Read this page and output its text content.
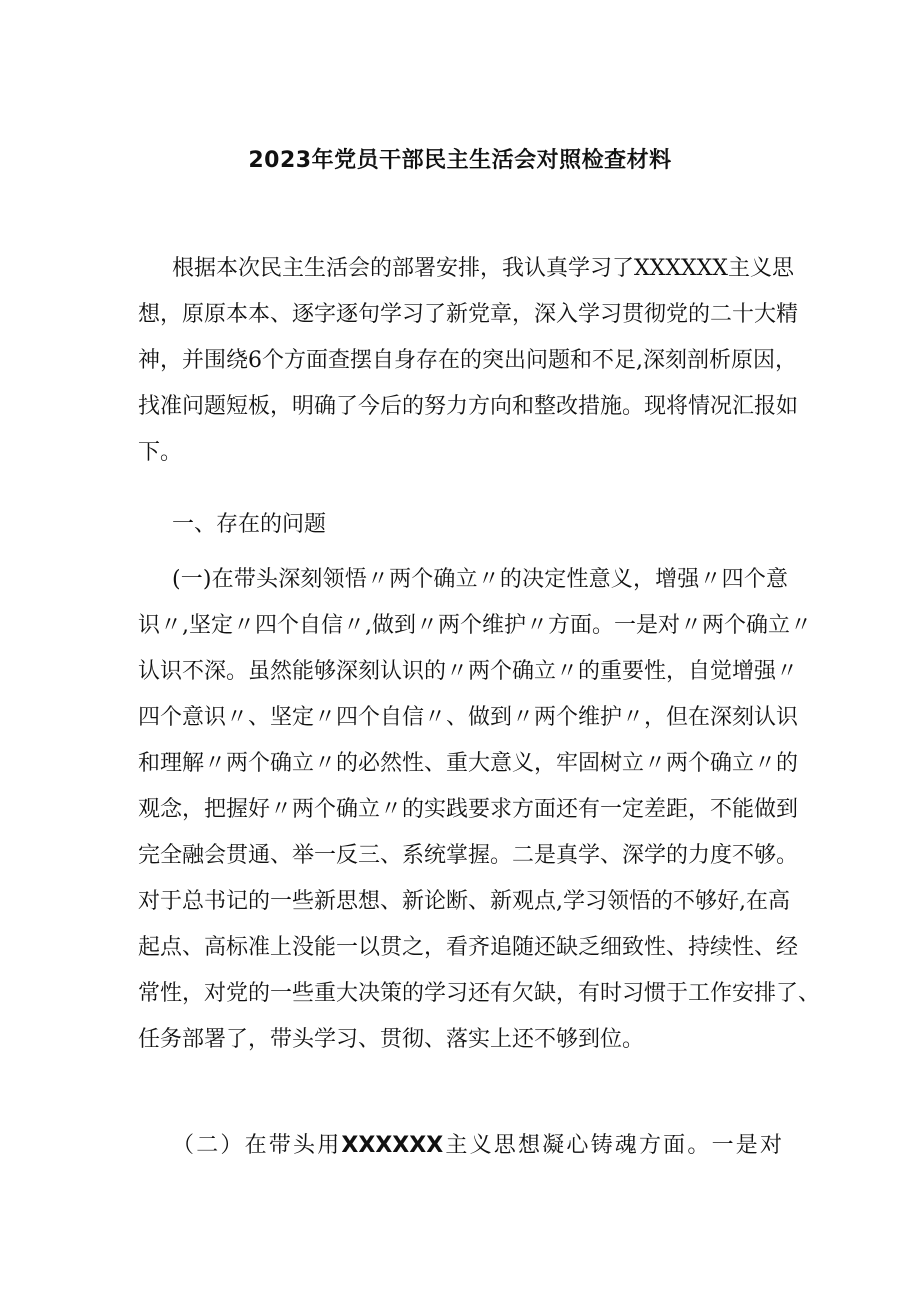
2023年党员干部民主生活会对照检查材料
根据本次民主生活会的部署安排，我认真学习了XXXXXX主义思
想，原原本本、逐字逐句学习了新党章，深入学习贯彻党的二十大精
神，并围绕6个方面查摆自身存在的突出问题和不足,深刻剖析原因，
找准问题短板，明确了今后的努力方向和整改措施。现将情况汇报如
下。
一、存在的问题
(一)在带头深刻领悟〃两个确立〃的决定性意义，增强〃四个意
识〃,坚定〃四个自信〃,做到〃两个维护〃方面。一是对〃两个确立〃
认识不深。虽然能够深刻认识的〃两个确立〃的重要性，自觉增强〃
四个意识〃、坚定〃四个自信〃、做到〃两个维护〃，但在深刻认识
和理解〃两个确立〃的必然性、重大意义，牢固树立〃两个确立〃的
观念，把握好〃两个确立〃的实践要求方面还有一定差距，不能做到
完全融会贯通、举一反三、系统掌握。二是真学、深学的力度不够。
对于总书记的一些新思想、新论断、新观点,学习领悟的不够好,在高
起点、高标准上没能一以贯之，看齐追随还缺乏细致性、持续性、经
常性，对党的一些重大决策的学习还有欠缺，有时习惯于工作安排了、
任务部署了，带头学习、贯彻、落实上还不够到位。
（二）在带头用XXXXXX主义思想凝心铸魂方面。一是对
